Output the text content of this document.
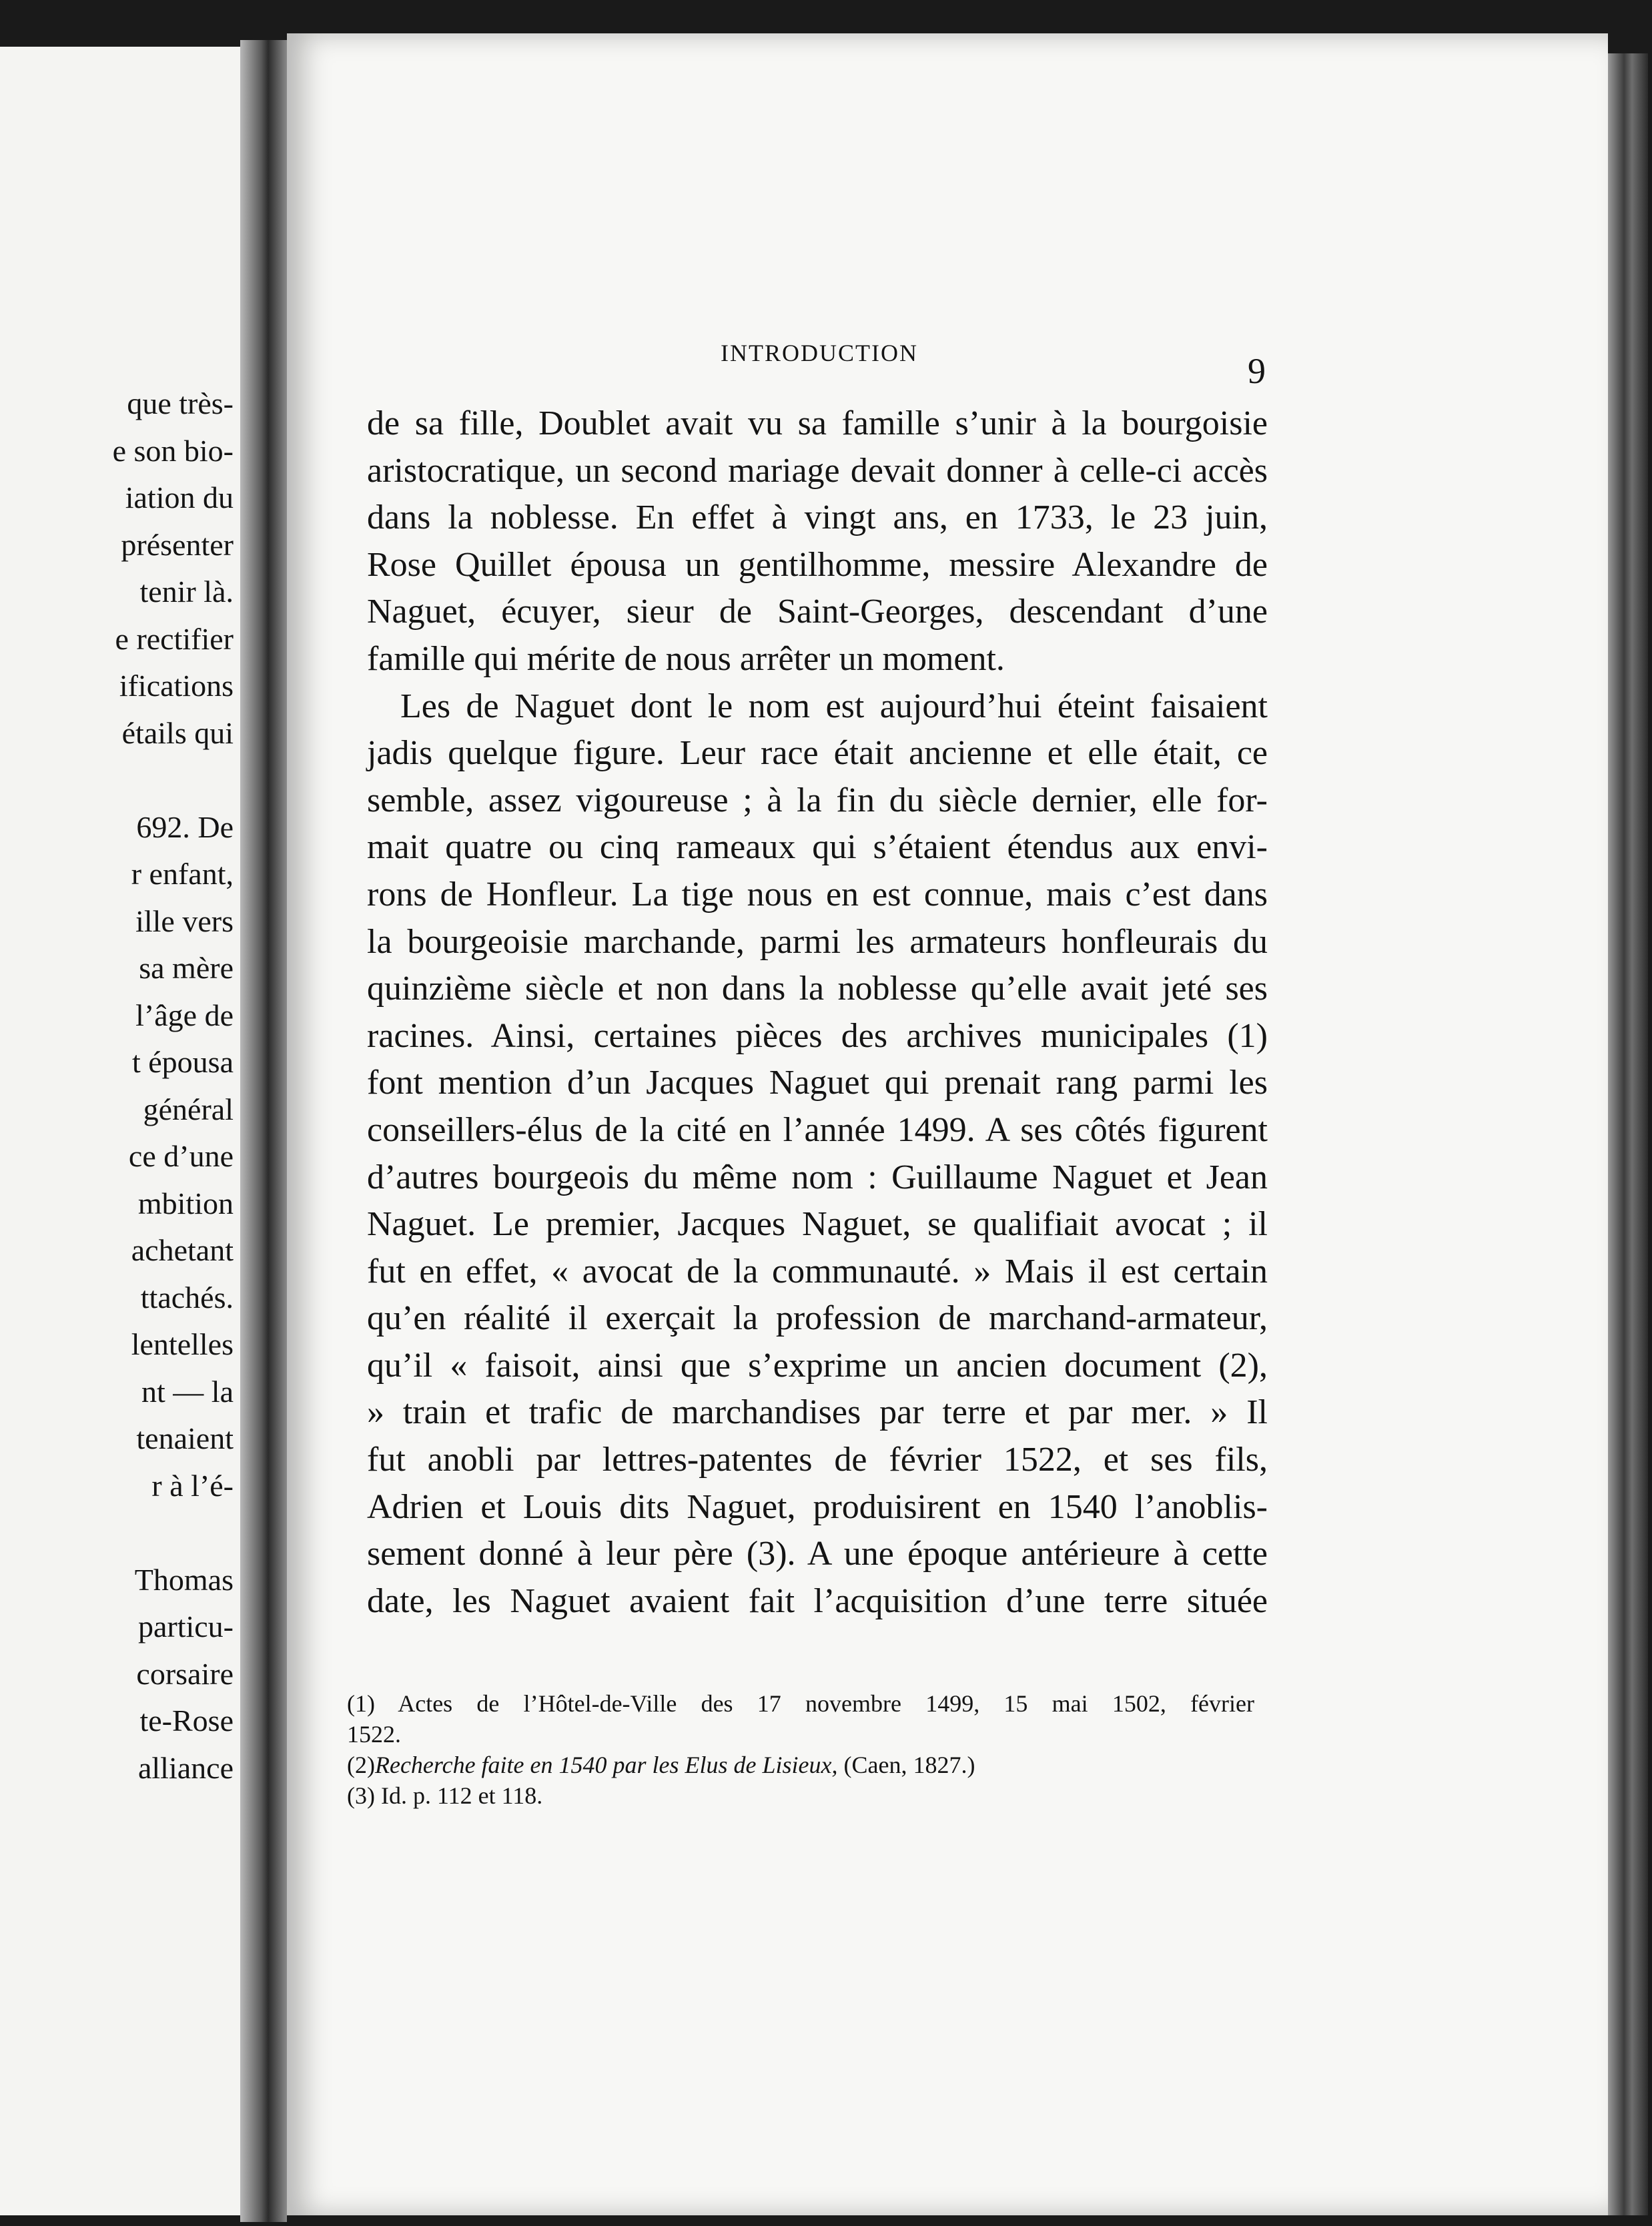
que très-
e son bio-
iation du
présenter
tenir là.
e rectifier
ifications
étails qui
692. De
r enfant,
ille vers
sa mère
l’âge de
t épousa
général
ce d’une
mbition
achetant
ttachés.
lentelles
nt — la
tenaient
r à l’é-
Thomas
particu-
corsaire
te-Rose
alliance
INTRODUCTION	9
de sa fille, Doublet avait vu sa famille s’unir à la bourgoisie
aristocratique, un second mariage devait donner à celle-ci accès
dans la noblesse. En effet à vingt ans, en 1733, le 23 juin,
Rose Quillet épousa un gentilhomme, messire Alexandre de
Naguet, écuyer, sieur de Saint-Georges, descendant d’une
famille qui mérite de nous arrêter un moment.
Les de Naguet dont le nom est aujourd’hui éteint faisaient
jadis quelque figure. Leur race était ancienne et elle était, ce
semble, assez vigoureuse ; à la fin du siècle dernier, elle for-
mait quatre ou cinq rameaux qui s’étaient étendus aux envi-
rons de Honfleur. La tige nous en est connue, mais c’est dans
la bourgeoisie marchande, parmi les armateurs honfleurais du
quinzième siècle et non dans la noblesse qu’elle avait jeté ses
racines. Ainsi, certaines pièces des archives municipales (1)
font mention d’un Jacques Naguet qui prenait rang parmi les
conseillers-élus de la cité en l’année 1499. A ses côtés figurent
d’autres bourgeois du même nom : Guillaume Naguet et Jean
Naguet. Le premier, Jacques Naguet, se qualifiait avocat ; il
fut en effet, « avocat de la communauté. » Mais il est certain
qu’en réalité il exerçait la profession de marchand-armateur,
qu’il « faisoit, ainsi que s’exprime un ancien document (2),
» train et trafic de marchandises par terre et par mer. » Il
fut anobli par lettres-patentes de février 1522, et ses fils,
Adrien et Louis dits Naguet, produisirent en 1540 l’anoblis-
sement donné à leur père (3). A une époque antérieure à cette
date, les Naguet avaient fait l’acquisition d’une terre située
(1) Actes de l’Hôtel-de-Ville des 17 novembre 1499, 15 mai 1502, février
1522.
(2)Recherche faite en 1540 par les Elus de Lisieux, (Caen, 1827.)
(3) Id. p. 112 et 118.
